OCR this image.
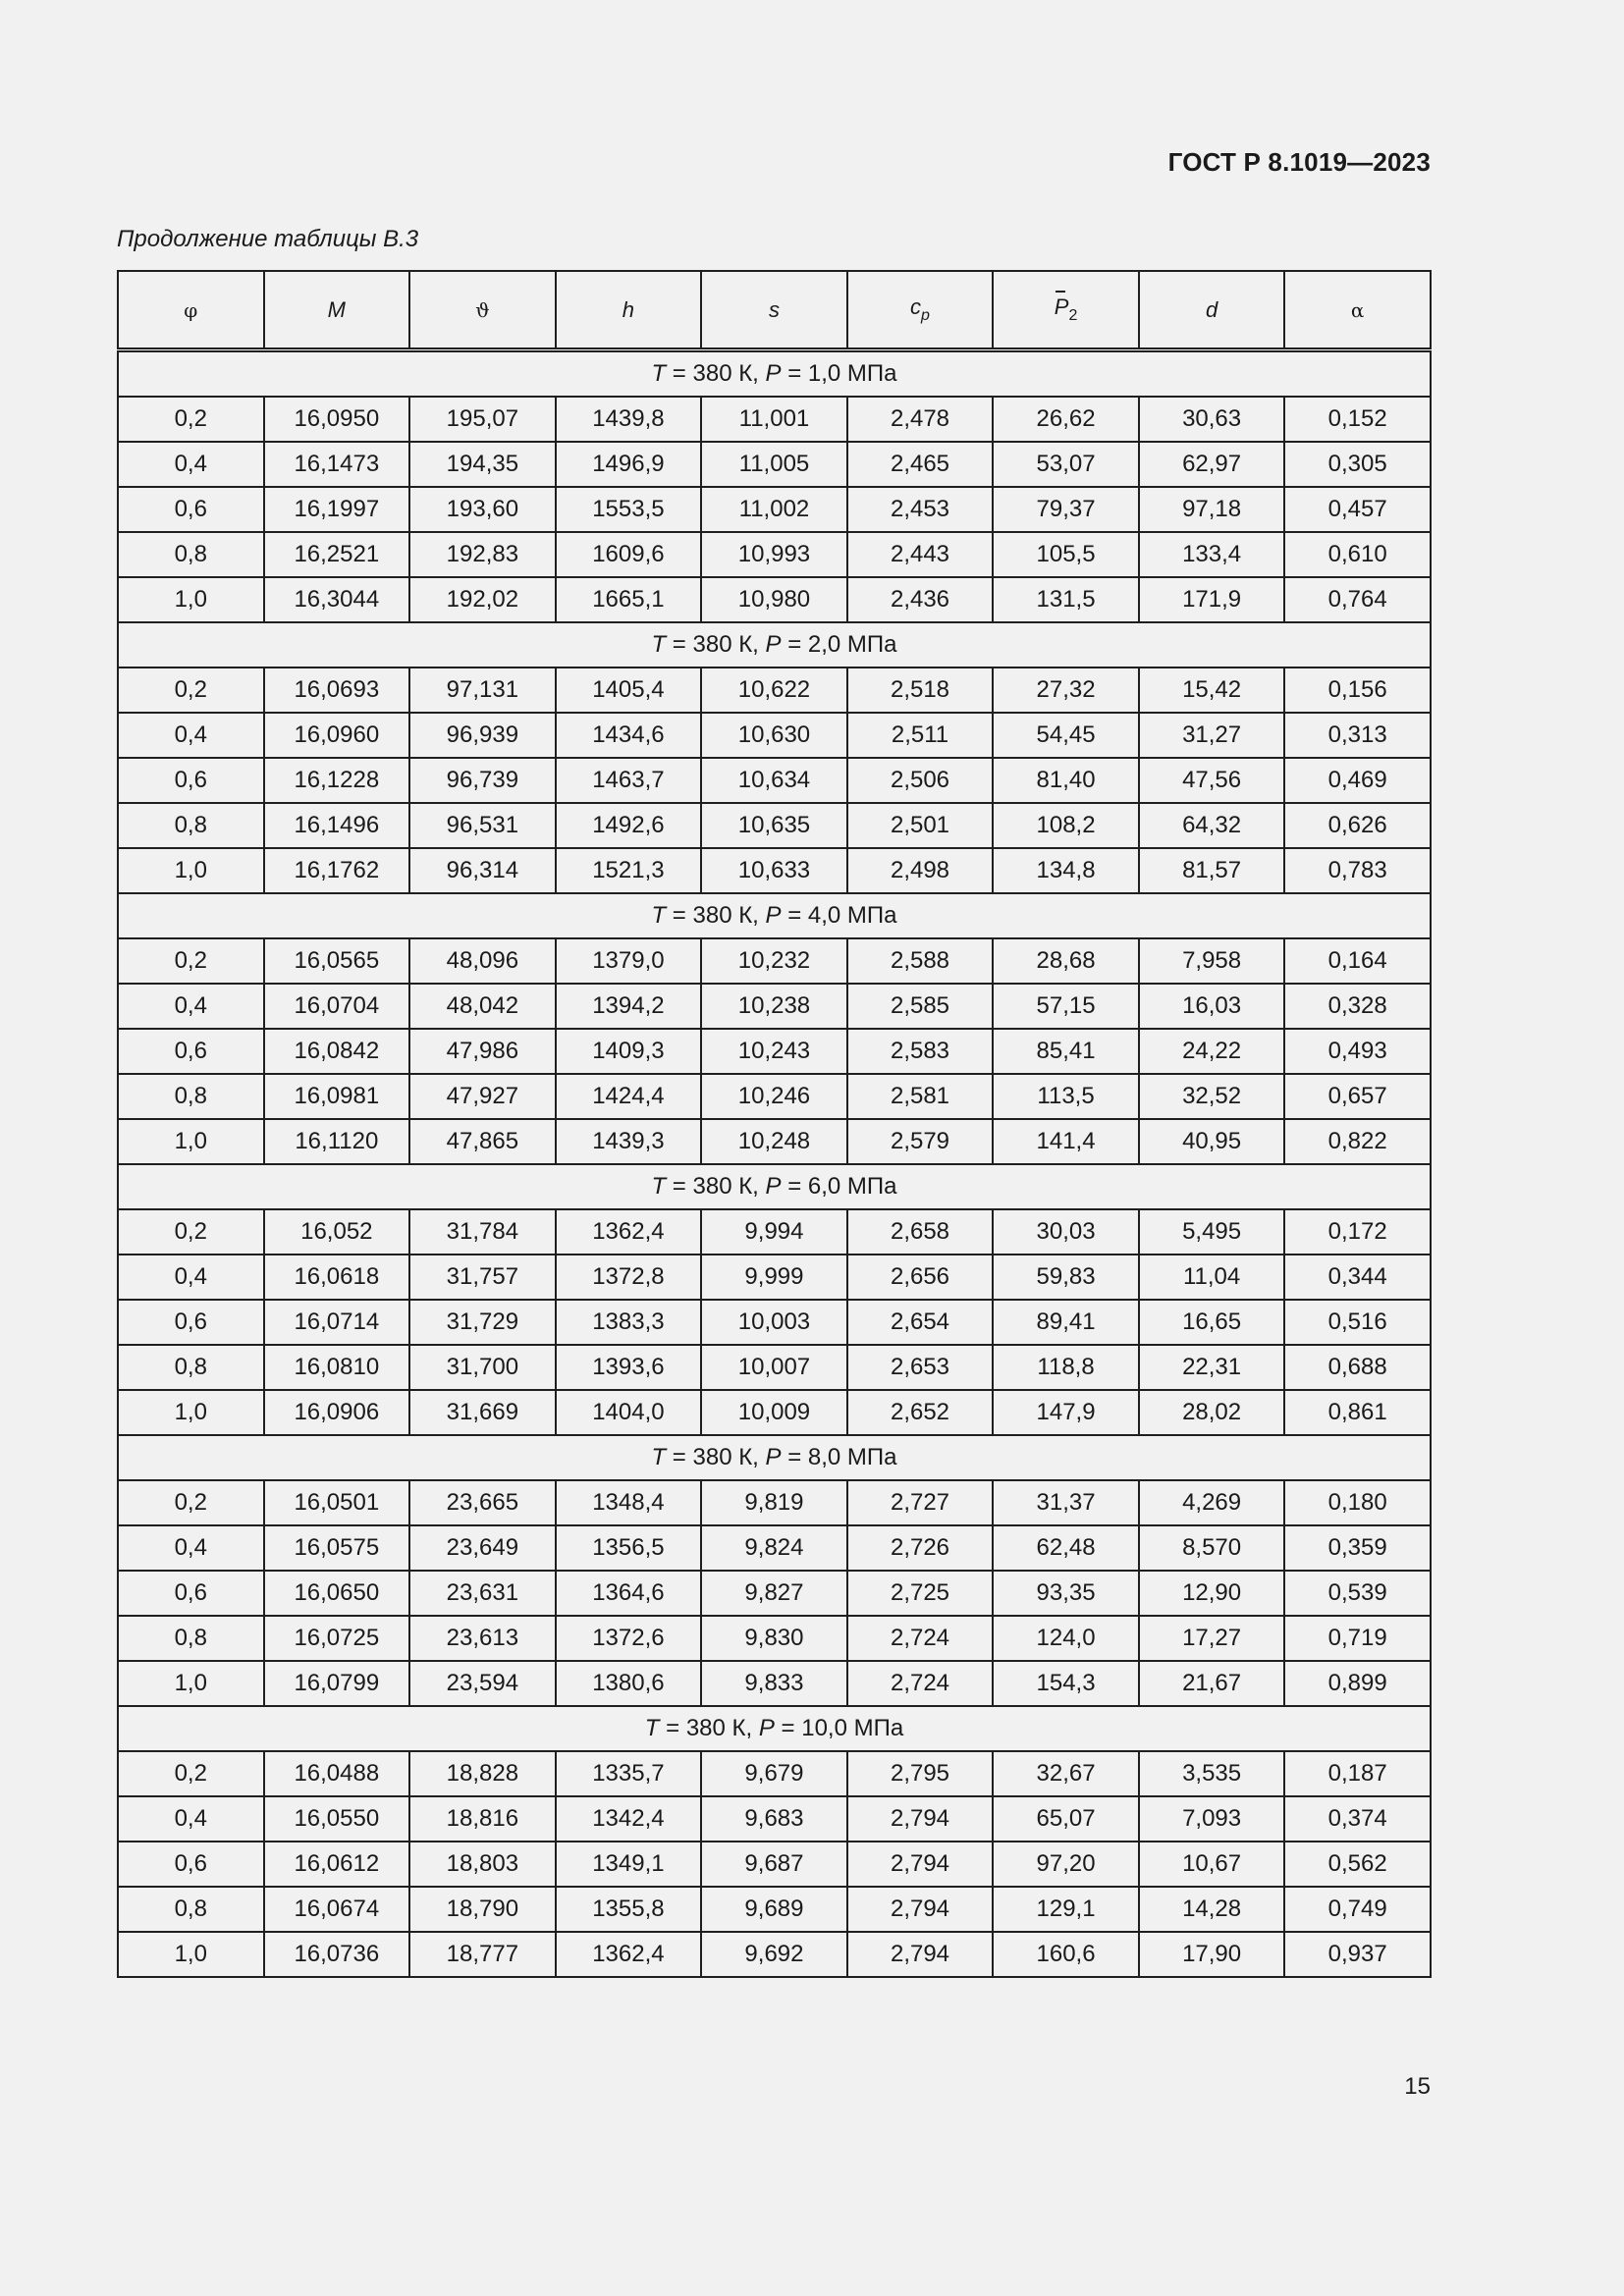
ГОСТ Р 8.1019—2023
Продолжение таблицы В.3
φ	M	ϑ	h	s	$c_p$	$P_2$	d	α
T = 380 К, P = 1,0 МПа								
0,2	16,0950	195,07	1439,8	11,001	2,478	26,62	30,63	0,152
0,4	16,1473	194,35	1496,9	11,005	2,465	53,07	62,97	0,305
0,6	16,1997	193,60	1553,5	11,002	2,453	79,37	97,18	0,457
0,8	16,2521	192,83	1609,6	10,993	2,443	105,5	133,4	0,610
1,0	16,3044	192,02	1665,1	10,980	2,436	131,5	171,9	0,764
T = 380 К, P = 2,0 МПа								
0,2	16,0693	97,131	1405,4	10,622	2,518	27,32	15,42	0,156
0,4	16,0960	96,939	1434,6	10,630	2,511	54,45	31,27	0,313
0,6	16,1228	96,739	1463,7	10,634	2,506	81,40	47,56	0,469
0,8	16,1496	96,531	1492,6	10,635	2,501	108,2	64,32	0,626
1,0	16,1762	96,314	1521,3	10,633	2,498	134,8	81,57	0,783
T = 380 К, P = 4,0 МПа								
0,2	16,0565	48,096	1379,0	10,232	2,588	28,68	7,958	0,164
0,4	16,0704	48,042	1394,2	10,238	2,585	57,15	16,03	0,328
0,6	16,0842	47,986	1409,3	10,243	2,583	85,41	24,22	0,493
0,8	16,0981	47,927	1424,4	10,246	2,581	113,5	32,52	0,657
1,0	16,1120	47,865	1439,3	10,248	2,579	141,4	40,95	0,822
T = 380 К, P = 6,0 МПа								
0,2	16,052	31,784	1362,4	9,994	2,658	30,03	5,495	0,172
0,4	16,0618	31,757	1372,8	9,999	2,656	59,83	11,04	0,344
0,6	16,0714	31,729	1383,3	10,003	2,654	89,41	16,65	0,516
0,8	16,0810	31,700	1393,6	10,007	2,653	118,8	22,31	0,688
1,0	16,0906	31,669	1404,0	10,009	2,652	147,9	28,02	0,861
T = 380 К, P = 8,0 МПа								
0,2	16,0501	23,665	1348,4	9,819	2,727	31,37	4,269	0,180
0,4	16,0575	23,649	1356,5	9,824	2,726	62,48	8,570	0,359
0,6	16,0650	23,631	1364,6	9,827	2,725	93,35	12,90	0,539
0,8	16,0725	23,613	1372,6	9,830	2,724	124,0	17,27	0,719
1,0	16,0799	23,594	1380,6	9,833	2,724	154,3	21,67	0,899
T = 380 К, P = 10,0 МПа								
0,2	16,0488	18,828	1335,7	9,679	2,795	32,67	3,535	0,187
0,4	16,0550	18,816	1342,4	9,683	2,794	65,07	7,093	0,374
0,6	16,0612	18,803	1349,1	9,687	2,794	97,20	10,67	0,562
0,8	16,0674	18,790	1355,8	9,689	2,794	129,1	14,28	0,749
1,0	16,0736	18,777	1362,4	9,692	2,794	160,6	17,90	0,937
15
